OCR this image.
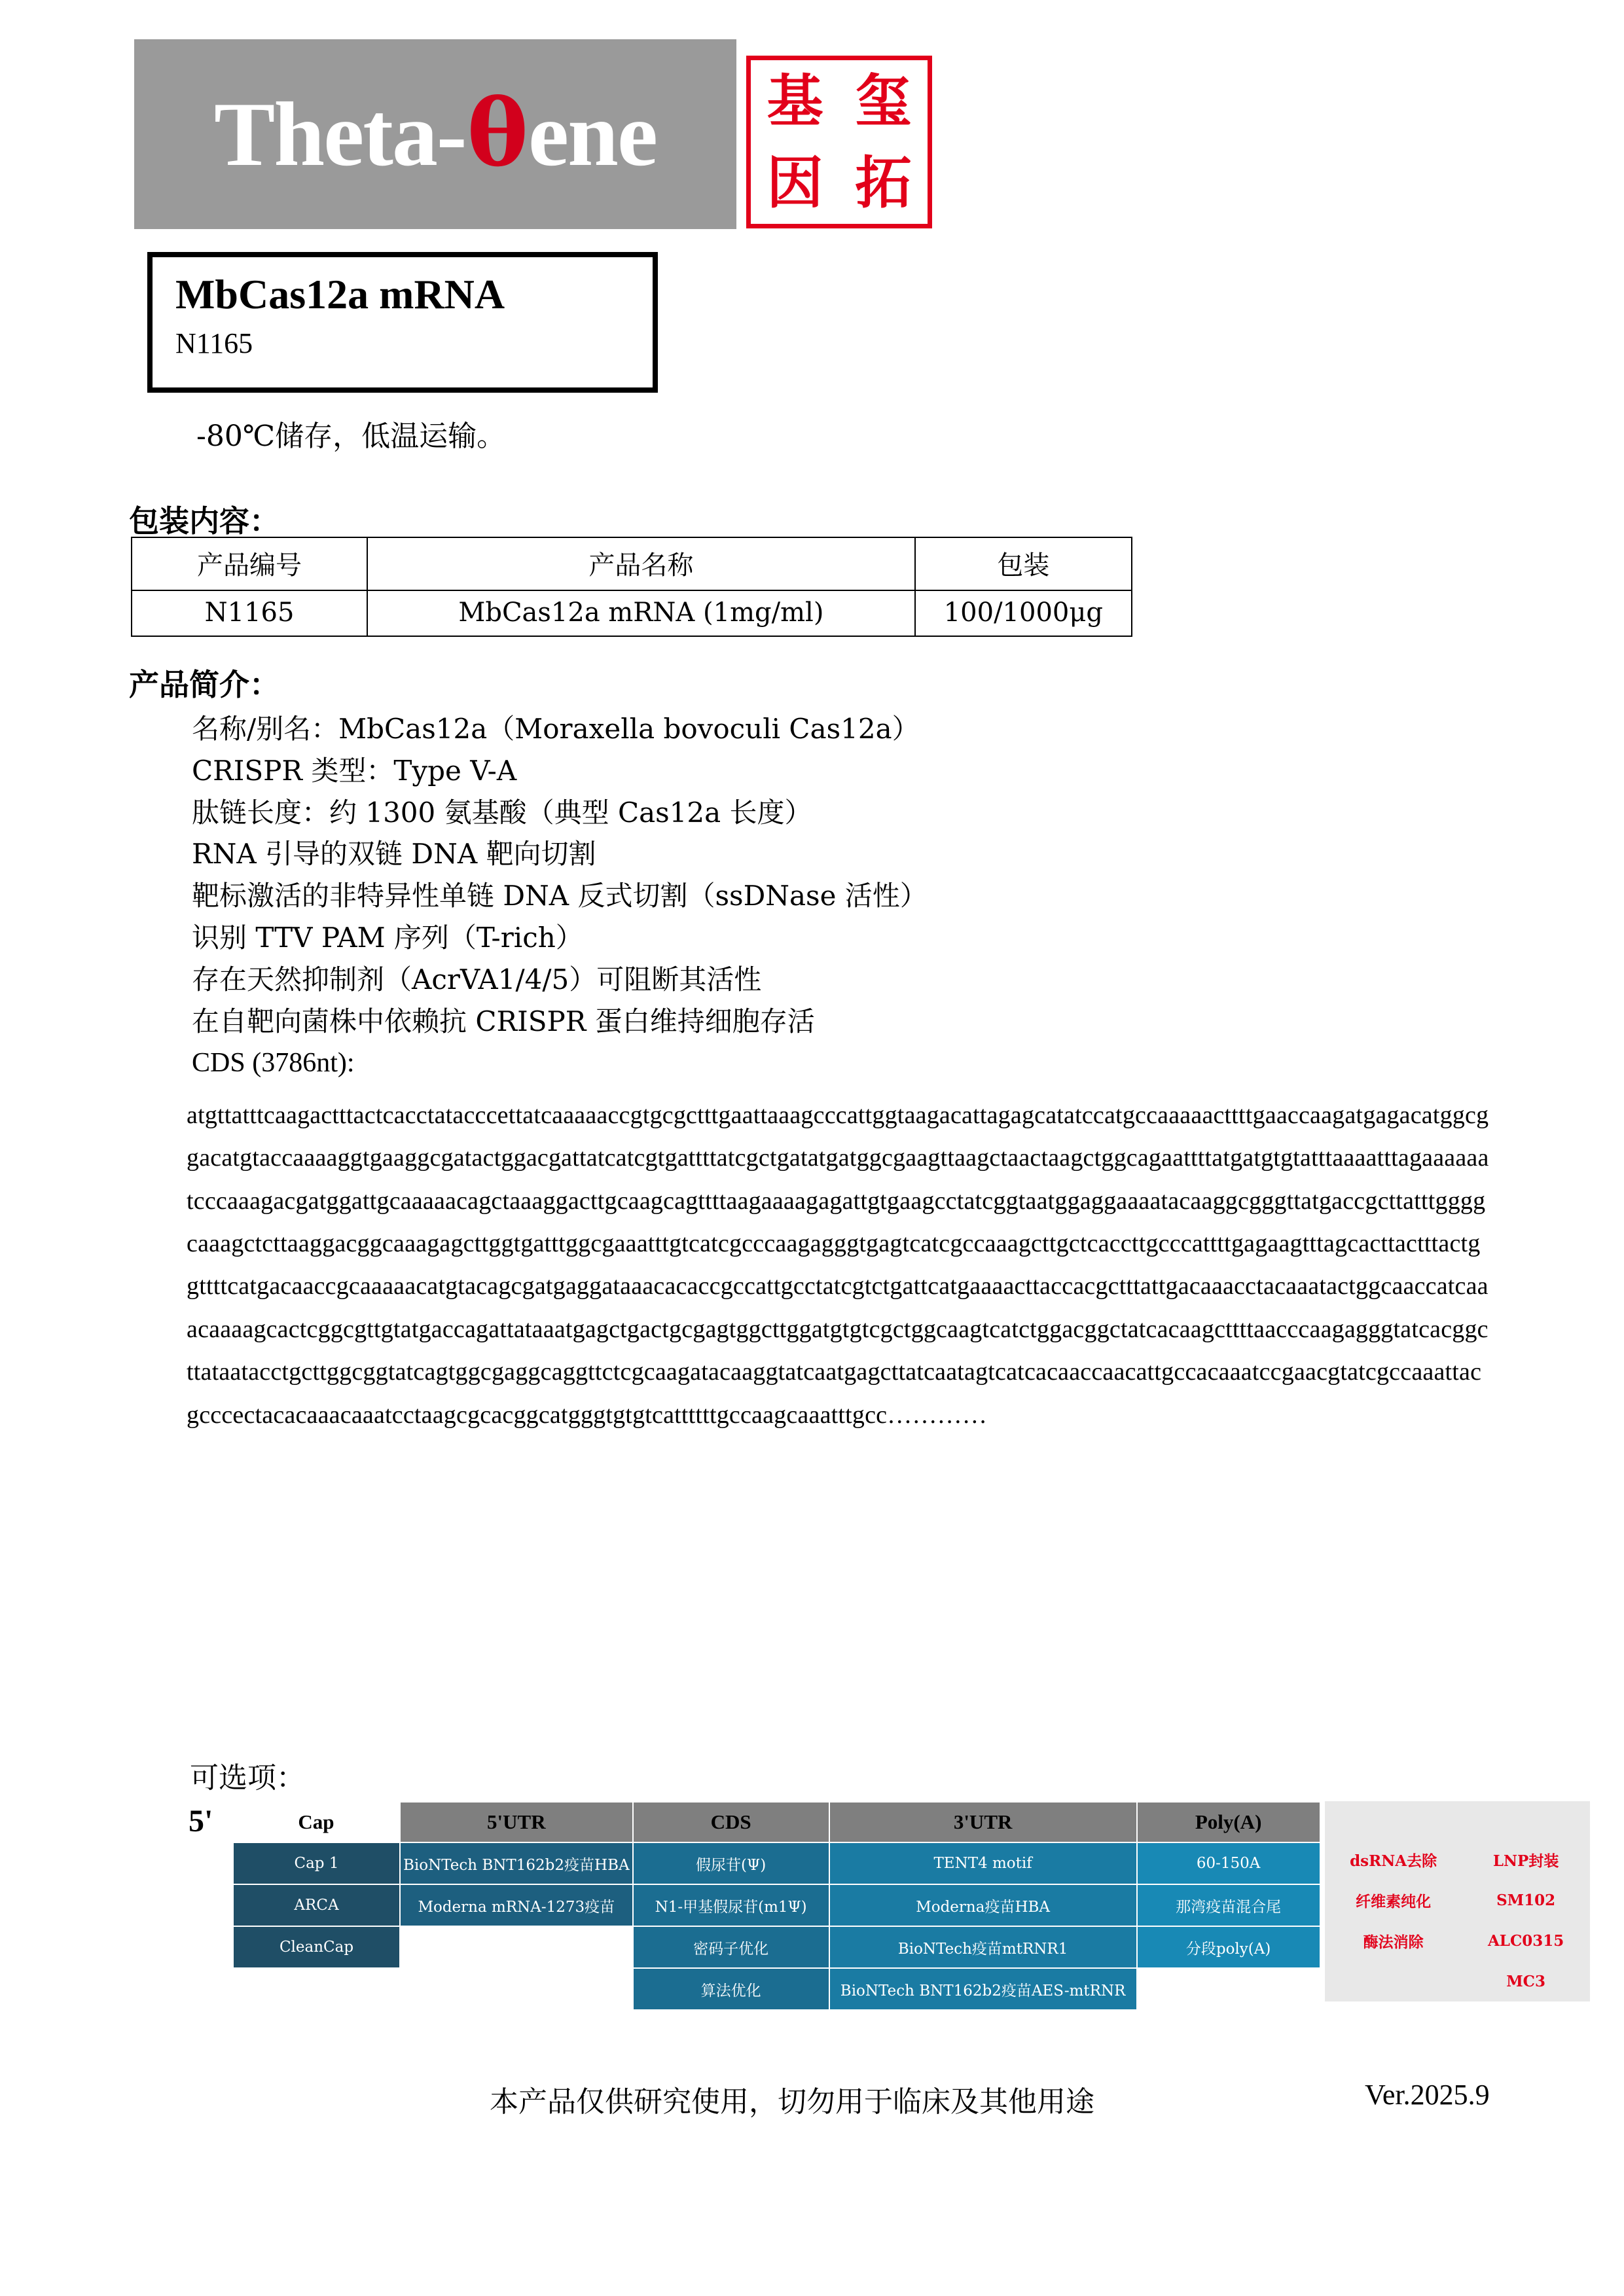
Theta- θ ene 基 玺
因 拓
MbCas12a mRNA
N1165
-80℃储存，低温运输。
包装内容：
产品编号	产品名称	包装
N1165	MbCas12a mRNA (1mg/ml)	100/1000μg
产品简介：
名称/别名：MbCas12a（Moraxella bovoculi Cas12a）
CRISPR 类型：Type V-A
肽链长度：约 1300 氨基酸（典型 Cas12a 长度）
RNA 引导的双链 DNA 靶向切割
靶标激活的非特异性单链 DNA 反式切割（ssDNase 活性）
识别 TTV PAM 序列（T-rich）
存在天然抑制剂（AcrVA1/4/5）可阻断其活性
在自靶向菌株中依赖抗 CRISPR 蛋白维持细胞存活
CDS (3786nt):
atgttatttcaagactttactcacctatacccettatcaaaaaccgtgcgctttgaattaaagcccattggtaagacattagagcatatccatgccaaaaacttttgaaccaagatgagacatggcggacatgtaccaaaaggtgaaggcgatactggacgattatcatcgtgattttatcgctgatatgatggcgaagttaagctaactaagctggcagaattttatgatgtgtatttaaaatttagaaaaaatcccaaagacgatggattgcaaaaacagctaaaggacttgcaagcagttttaagaaaagagattgtgaagcctatcggtaatggaggaaaatacaaggcgggttatgaccgcttatttggggcaaagctcttaaggacggcaaagagcttggtgatttggcgaaatttgtcatcgcccaagagggtgagtcatcgccaaagcttgctcaccttgcccattttgagaagtttagcacttactttactggttttcatgacaaccgcaaaaacatgtacagcgatgaggataaacacaccgccattgcctatcgtctgattcatgaaaacttaccacgctttattgacaaacctacaaatactggcaaccatcaaacaaaagcactcggcgttgtatgaccagattataaatgagctgactgcgagtggcttggatgtgtcgctggcaagtcatctggacggctatcacaagcttttaacccaagagggtatcacggcttataatacctgcttggcggtatcagtggcgaggcaggttctcgcaagatacaaggtatcaatgagcttatcaatagtcatcacaaccaacattgccacaaatccgaacgtatcgccaaattacgcccectacacaaacaaatcctaagcgcacggcatgggtgtgtcattttttgccaagcaaatttgcc…………
可选项：
5'	Cap	5'UTR	CDS	3'UTR	Poly(A)
Cap 1	BioNTech BNT162b2疫苗HBA	假尿苷(Ψ)	TENT4 motif	60-150A
ARCA	Moderna mRNA-1273疫苗	N1-甲基假尿苷(m1Ψ)	Moderna疫苗HBA	那湾疫苗混合尾
CleanCap		密码子优化	BioNTech疫苗mtRNR1	分段poly(A)
		算法优化	BioNTech BNT162b2疫苗AES-mtRNR	

dsRNA去除	LNP封装
纤维素纯化	SM102
酶法消除	ALC0315
	MC3
本产品仅供研究使用，切勿用于临床及其他用途	Ver.2025.9
